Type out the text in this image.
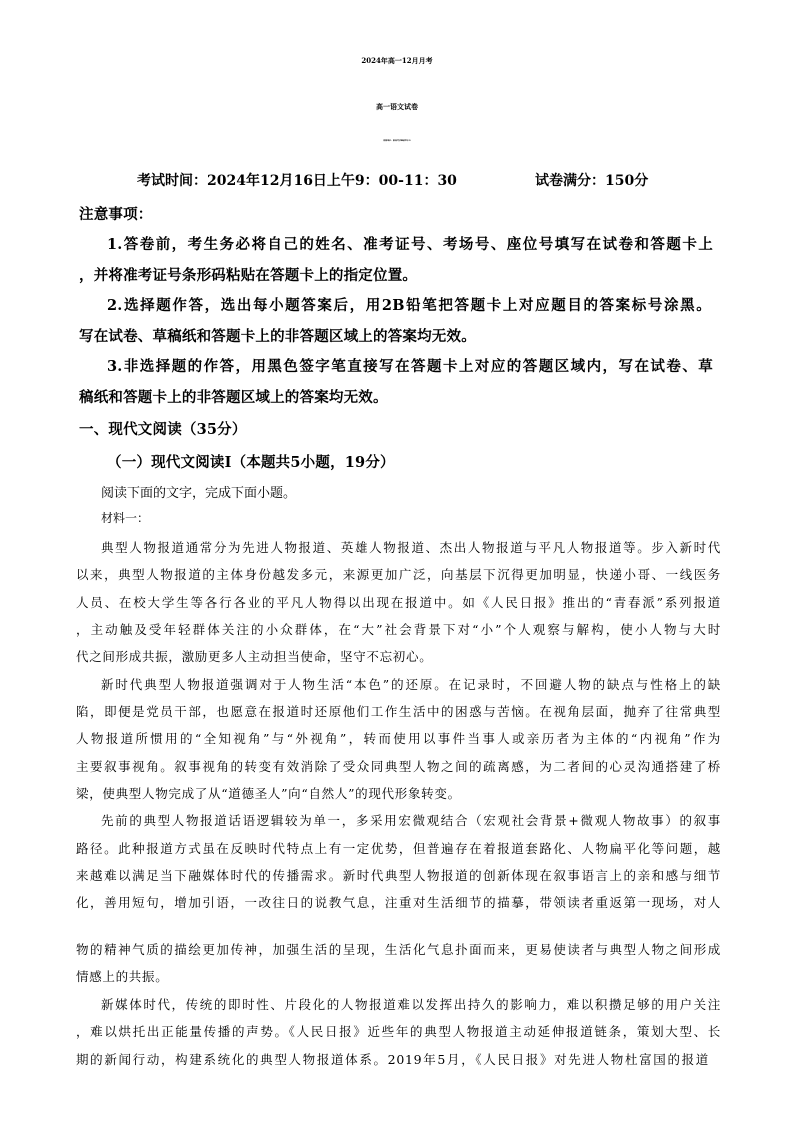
2024年高一12月月考
高一语文试卷
命制单位：新高考试题研究中心
考试时间：2024年12月16日上午9：00-11：30	试卷满分：150分
注意事项：
1.答卷前，考生务必将自己的姓名、准考证号、考场号、座位号填写在试卷和答题卡上
，并将准考证号条形码粘贴在答题卡上的指定位置。
2.选择题作答，选出每小题答案后，用2B铅笔把答题卡上对应题目的答案标号涂黑。
写在试卷、草稿纸和答题卡上的非答题区域上的答案均无效。
3.非选择题的作答，用黑色签字笔直接写在答题卡上对应的答题区域内，写在试卷、草
稿纸和答题卡上的非答题区域上的答案均无效。
一、现代文阅读（35分）
（一）现代文阅读Ⅰ（本题共5小题，19分）
阅读下面的文字，完成下面小题。
材料一：
典型人物报道通常分为先进人物报道、英雄人物报道、杰出人物报道与平凡人物报道等。步入新时代
以来，典型人物报道的主体身份越发多元，来源更加广泛，向基层下沉得更加明显，快递小哥、一线医务
人员、在校大学生等各行各业的平凡人物得以出现在报道中。如《人民日报》推出的“青春派”系列报道
，主动触及受年轻群体关注的小众群体，在“大”社会背景下对“小”个人观察与解构，使小人物与大时
代之间形成共振，激励更多人主动担当使命，坚守不忘初心。
新时代典型人物报道强调对于人物生活“本色”的还原。在记录时，不回避人物的缺点与性格上的缺
陷，即便是党员干部，也愿意在报道时还原他们工作生活中的困惑与苦恼。在视角层面，抛弃了往常典型
人物报道所惯用的“全知视角”与“外视角”，转而使用以事件当事人或亲历者为主体的“内视角”作为
主要叙事视角。叙事视角的转变有效消除了受众同典型人物之间的疏离感，为二者间的心灵沟通搭建了桥
梁，使典型人物完成了从“道德圣人”向“自然人”的现代形象转变。
先前的典型人物报道话语逻辑较为单一，多采用宏微观结合（宏观社会背景+微观人物故事）的叙事
路径。此种报道方式虽在反映时代特点上有一定优势，但普遍存在着报道套路化、人物扁平化等问题，越
来越难以满足当下融媒体时代的传播需求。新时代典型人物报道的创新体现在叙事语言上的亲和感与细节
化，善用短句，增加引语，一改往日的说教气息，注重对生活细节的描摹，带领读者重返第一现场，对人
物的精神气质的描绘更加传神，加强生活的呈现，生活化气息扑面而来，更易使读者与典型人物之间形成
情感上的共振。
新媒体时代，传统的即时性、片段化的人物报道难以发挥出持久的影响力，难以积攒足够的用户关注
，难以烘托出正能量传播的声势。《人民日报》近些年的典型人物报道主动延伸报道链条，策划大型、长
期的新闻行动，构建系统化的典型人物报道体系。2019年5月，《人民日报》对先进人物杜富国的报道
